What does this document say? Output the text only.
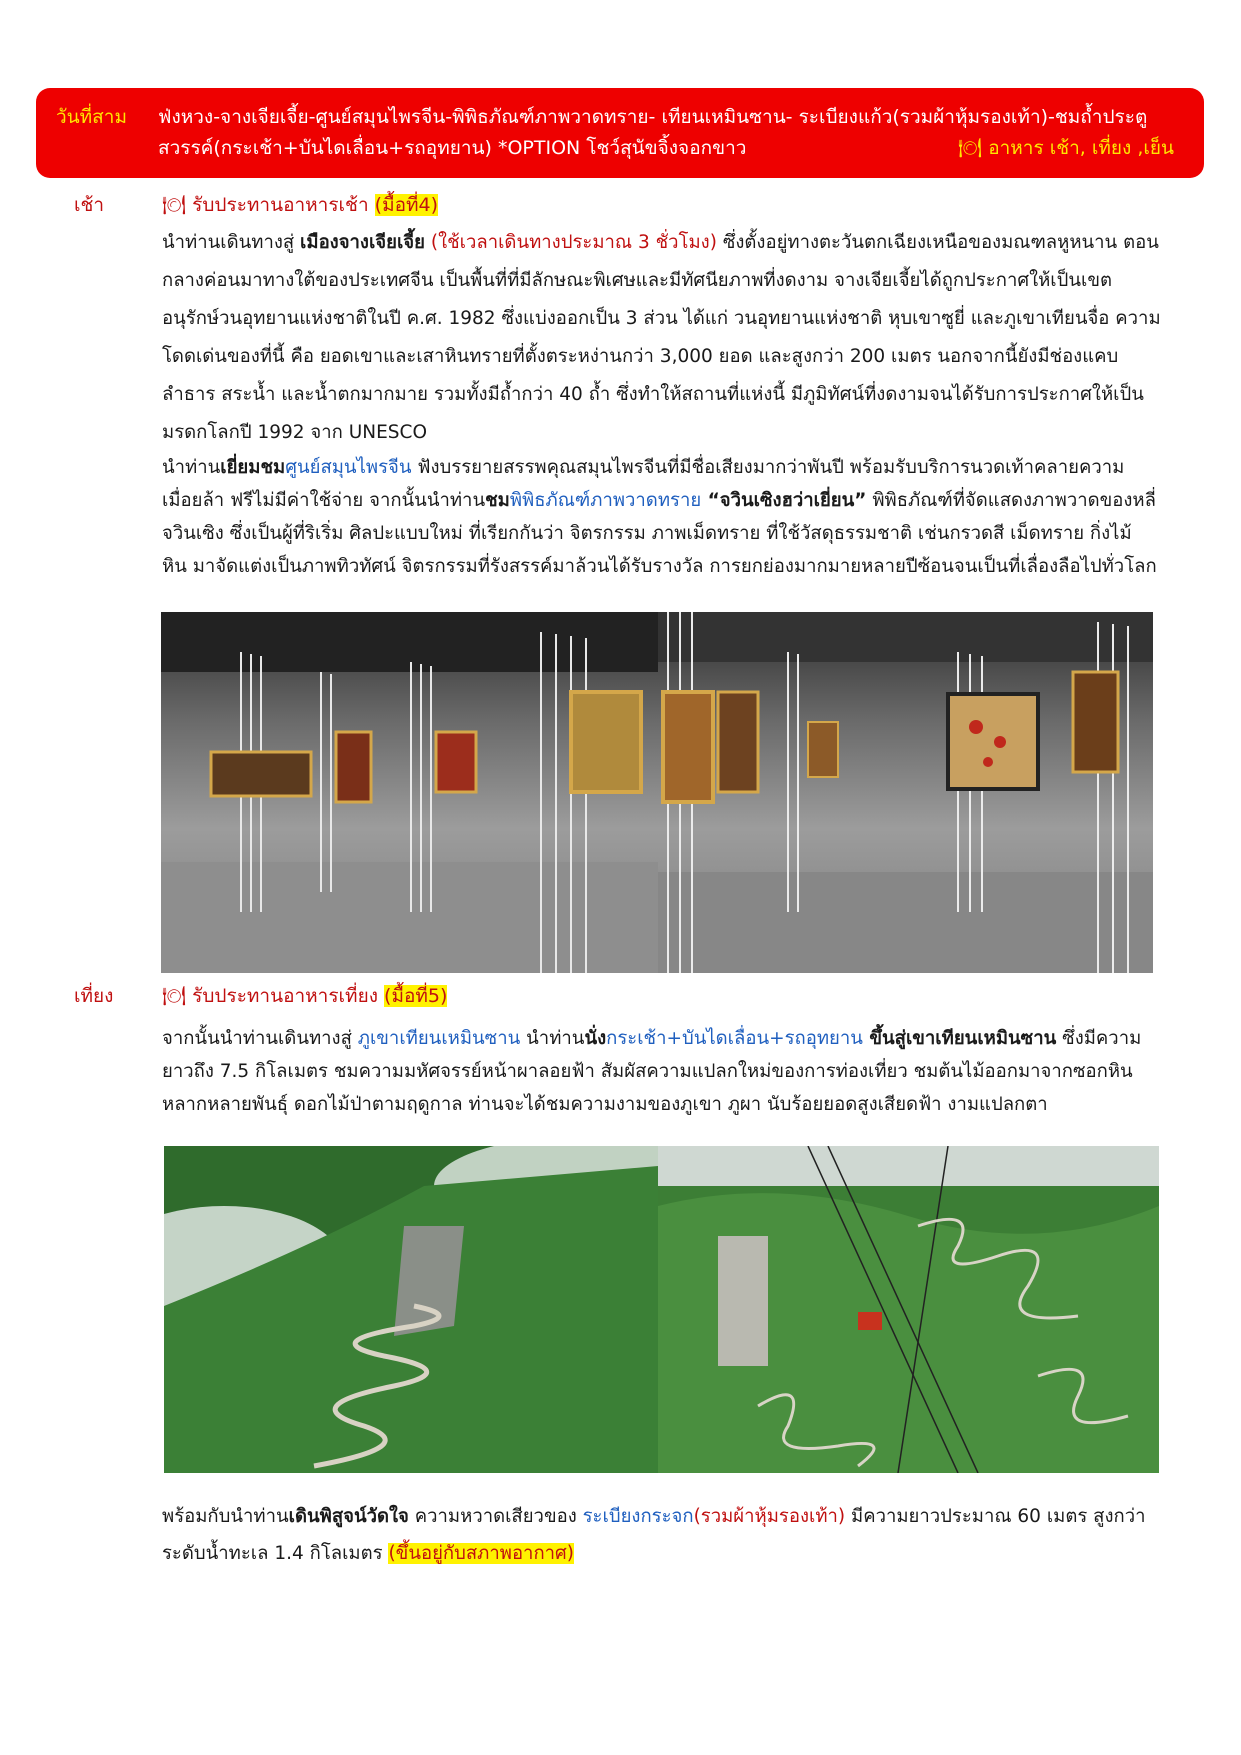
วันที่สาม ฟ่งหวง-จางเจียเจี้ย-ศูนย์สมุนไพรจีน-พิพิธภัณฑ์ภาพวาดทราย- เทียนเหมินซาน- ระเบียงแก้ว(รวมผ้าหุ้มรองเท้า)-ชมถ้ำประตูสวรรค์(กระเช้า+บันไดเลื่อน+รถอุทยาน) *OPTION โชว์สุนัขจิ้งจอกขาว	🍽 อาหาร เช้า, เที่ยง ,เย็น
เช้า	🍽 รับประทานอาหารเช้า (มื้อที่4)
นำท่านเดินทางสู่ เมืองจางเจียเจี้ย (ใช้เวลาเดินทางประมาณ 3 ชั่วโมง) ซึ่งตั้งอยู่ทางตะวันตกเฉียงเหนือของมณฑลหูหนาน ตอนกลางค่อนมาทางใต้ของประเทศจีน เป็นพื้นที่ที่มีลักษณะพิเศษและมีทัศนียภาพที่งดงาม จางเจียเจี้ยได้ถูกประกาศให้เป็นเขตอนุรักษ์วนอุทยานแห่งชาติในปี ค.ศ. 1982 ซึ่งแบ่งออกเป็น 3 ส่วน ได้แก่ วนอุทยานแห่งชาติ หุบเขาซูยี่ และภูเขาเทียนจื่อ ความโดดเด่นของที่นี้ คือ ยอดเขาและเสาหินทรายที่ตั้งตระหง่านกว่า 3,000 ยอด และสูงกว่า 200 เมตร นอกจากนี้ยังมีช่องแคบ ลำธาร สระน้ำ และน้ำตกมากมาย รวมทั้งมีถ้ำกว่า 40 ถ้ำ ซึ่งทำให้สถานที่แห่งนี้ มีภูมิทัศน์ที่งดงามจนได้รับการประกาศให้เป็นมรดกโลกปี 1992 จาก UNESCO
นำท่านเยี่ยมชมศูนย์สมุนไพรจีน ฟังบรรยายสรรพคุณสมุนไพรจีนที่มีชื่อเสียงมากว่าพันปี พร้อมรับบริการนวดเท้าคลายความเมื่อยล้า ฟรีไม่มีค่าใช้จ่าย จากนั้นนำท่านชมพิพิธภัณฑ์ภาพวาดทราย “จวินเซิงฮว่าเยี่ยน” พิพิธภัณฑ์ที่จัดแสดงภาพวาดของหลี่จวินเซิง ซึ่งเป็นผู้ที่ริเริ่ม ศิลปะแบบใหม่ ที่เรียกกันว่า จิตรกรรม ภาพเม็ดทราย ที่ใช้วัสดุธรรมชาติ เช่นกรวดสี เม็ดทราย กิ่งไม้ หิน มาจัดแต่งเป็นภาพทิวทัศน์ จิตรกรรมที่รังสรรค์มาล้วนได้รับรางวัล การยกย่องมากมายหลายปีซ้อนจนเป็นที่เลื่องลือไปทั่วโลก
เที่ยง	🍽 รับประทานอาหารเที่ยง (มื้อที่5)
จากนั้นนำท่านเดินทางสู่ ภูเขาเทียนเหมินซาน นำท่านนั่งกระเช้า+บันไดเลื่อน+รถอุทยาน ขึ้นสู่เขาเทียนเหมินซาน ซึ่งมีความยาวถึง 7.5 กิโลเมตร ชมความมหัศจรรย์หน้าผาลอยฟ้า สัมผัสความแปลกใหม่ของการท่องเที่ยว ชมต้นไม้ออกมาจากซอกหิน หลากหลายพันธุ์ ดอกไม้ป่าตามฤดูกาล ท่านจะได้ชมความงามของภูเขา ภูผา นับร้อยยอดสูงเสียดฟ้า งามแปลกตา
พร้อมกับนำท่านเดินพิสูจน์วัดใจ ความหวาดเสียวของ ระเบียงกระจก(รวมผ้าหุ้มรองเท้า) มีความยาวประมาณ 60 เมตร สูงกว่าระดับน้ำทะเล 1.4 กิโลเมตร (ขึ้นอยู่กับสภาพอากาศ)
